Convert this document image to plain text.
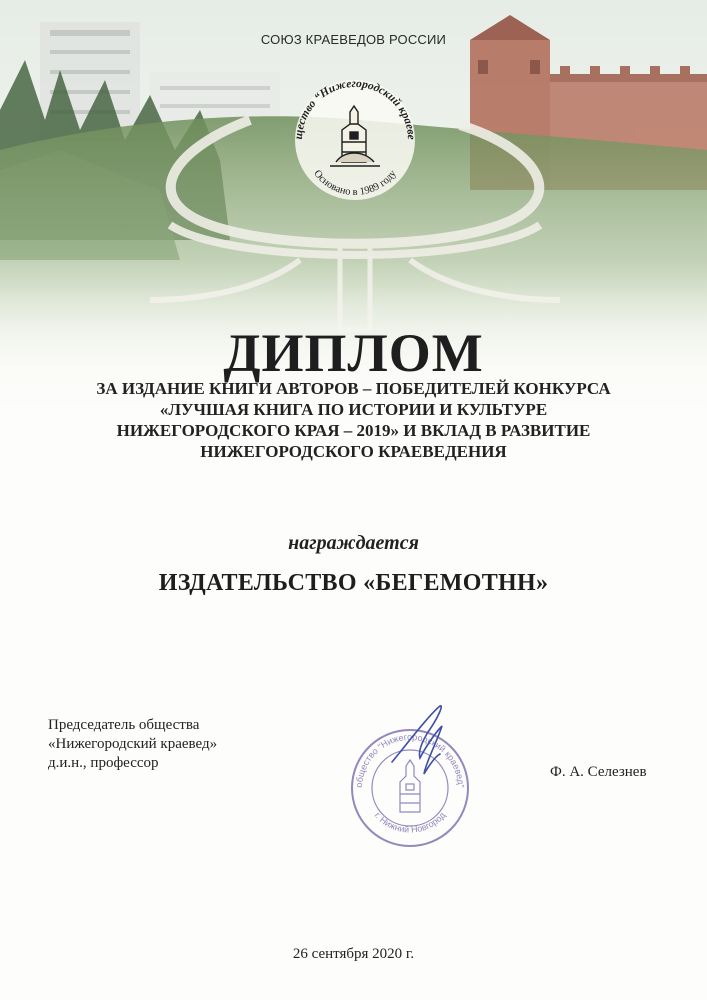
СОЮЗ КРАЕВЕДОВ РОССИИ
щество “Нижегородский краеве
Основано в 1989 году
ДИПЛОМ
ЗА ИЗДАНИЕ КНИГИ АВТОРОВ – ПОБЕДИТЕЛЕЙ КОНКУРСА
«ЛУЧШАЯ КНИГА ПО ИСТОРИИ И КУЛЬТУРЕ
НИЖЕГОРОДСКОГО КРАЯ – 2019» И ВКЛАД В РАЗВИТИЕ
НИЖЕГОРОДСКОГО КРАЕВЕДЕНИЯ
награждается
ИЗДАТЕЛЬСТВО «БЕГЕМОТНН»
Председатель общества
«Нижегородский краевед»
д.и.н., профессор
общество “Нижегородский краевед”
г. Нижний Новгород
Ф. А. Селезнев
26 сентября 2020 г.
